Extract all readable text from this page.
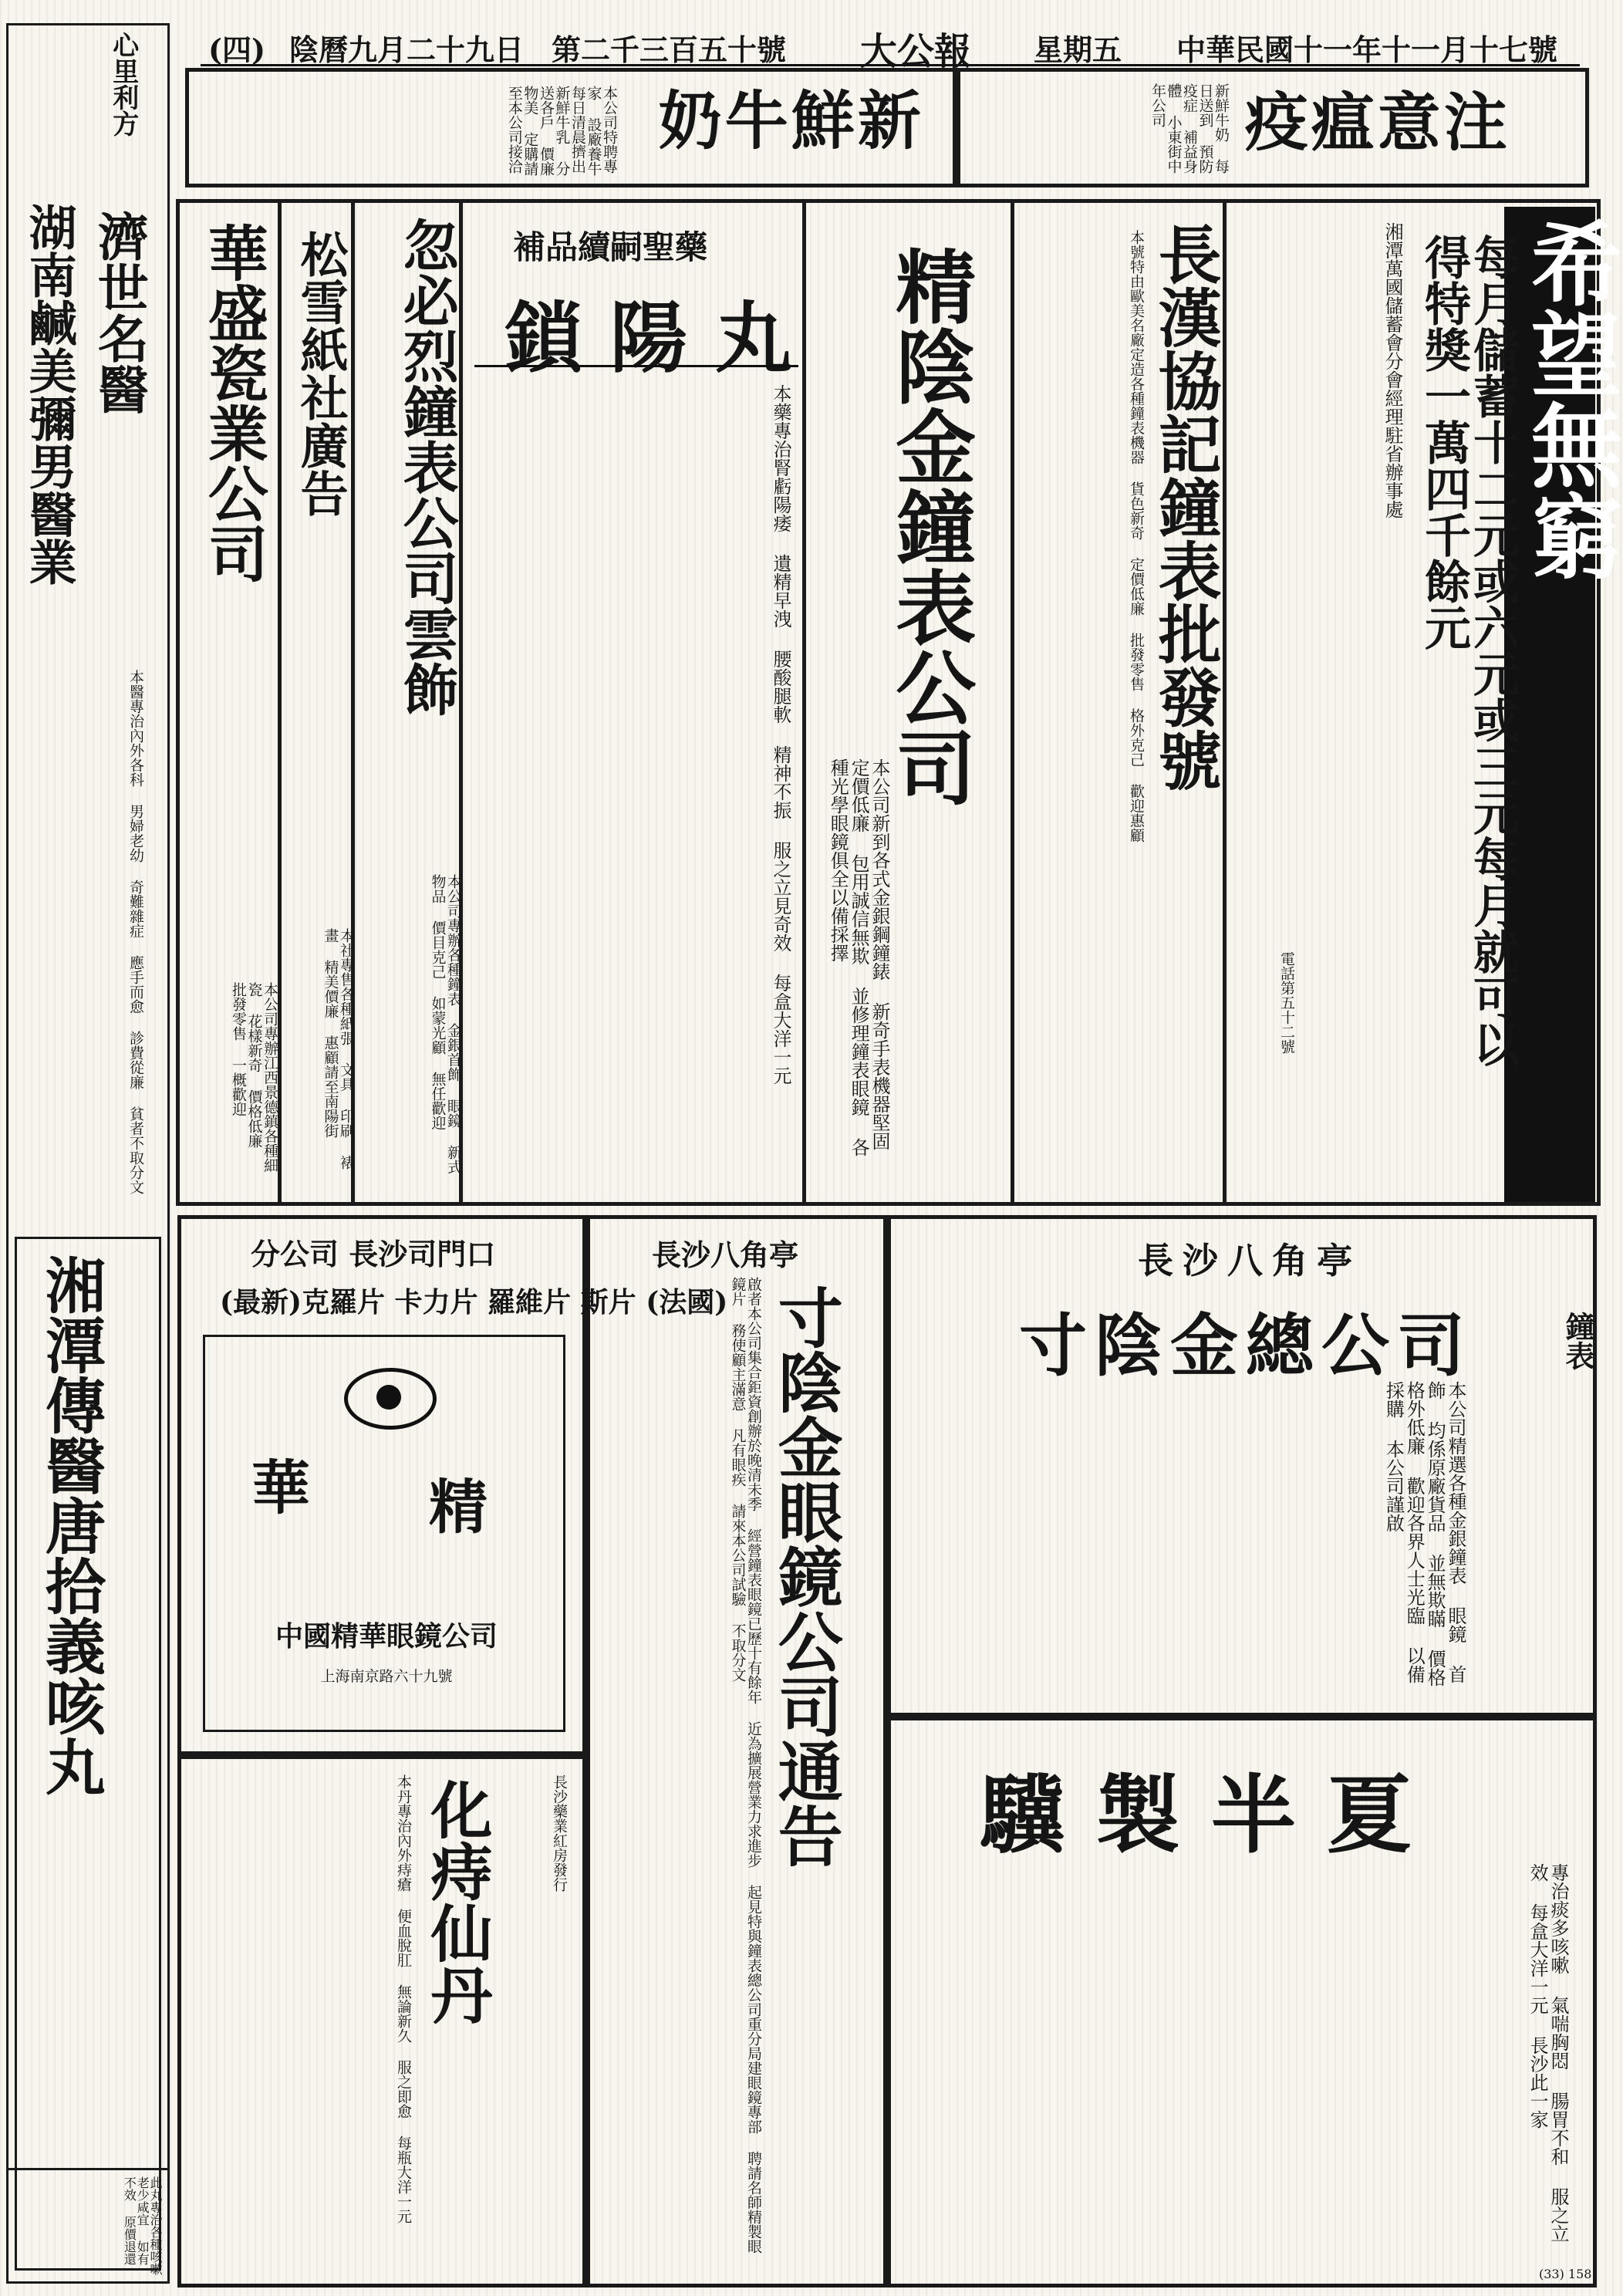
中華民國十一年十一月十七號
星期五
大公報
第二千三百五十號
陰曆九月二十九日
(四)
心里利方
濟世名醫
湖南鹹美彌男醫業
本醫專治內外各科 男婦老幼 奇難雜症 應手而愈 診費從廉 貧者不取分文
湘潭傳醫唐拾義咳丸
注意瘟疫
新鮮牛奶 每日送到 預防疫症 補益身體 小東街中年公司
新鮮牛奶
本公司特聘專家 設廠養牛 每日清晨擠出新鮮牛乳 分送各戶 價廉物美 定購請至本公司接洽
希望無窮
每月儲蓄十二元或六元或三元每月就可以得特獎一萬四千餘元
湘潭萬國儲蓄會分會經理駐省辦事處
電話第五十二號
長漢協記鐘表批發號
本號特由歐美名廠定造各種鐘表機器 貨色新奇 定價低廉 批發零售 格外克己 歡迎惠顧
精陰金鐘表公司
本公司新到各式金銀鋼鐘錶 新奇手表機器堅固 定價低廉 包用誠信無欺 並修理鐘表眼鏡 各種光學眼鏡俱全以備採擇
補品續嗣聖藥
鎖陽丸
本藥專治腎虧陽痿 遺精早洩 腰酸腿軟 精神不振 服之立見奇效 每盒大洋一元
忽必烈鐘表公司雲飾
本公司專辦各種鐘表 金銀首飾 眼鏡 新式物品 價目克己 如蒙光顧 無任歡迎
松雪紙社廣告
本社專售各種紙張 文具 印刷 裱畫 精美價廉 惠顧請至南陽街
華盛瓷業公司
本公司專辦江西景德鎮各種細瓷 花樣新奇 價格低廉 批發零售 一概歡迎
長沙八角亭
鐘表
寸陰金總公司
本公司精選各種金銀鐘表 眼鏡 首飾 均係原廠貨品 並無欺瞞 價格格外低廉 歡迎各界人士光臨 以備採購 本公司謹啟
驥製半夏
專治痰多咳嗽 氣喘胸悶 腸胃不和 服之立效 每盒大洋一元 長沙此一家
長沙八角亭
寸陰金眼鏡公司通告
啟者本公司集合鉅資創辦於晚清未季 經營鐘表眼鏡已歷十有餘年 近為擴展營業力求進步 起見特與鐘表總公司重分局建眼鏡專部 聘請名師精製眼鏡片 務使顧主滿意 凡有眼疾 請來本公司試驗 不取分文
分公司 長沙司門口
(最新)克羅片 卡力片 羅維片 斯片 (法國)
精
華
中國精華眼鏡公司
上海南京路六十九號
化痔仙丹
本丹專治內外痔瘡 便血脫肛 無論新久 服之即愈 每瓶大洋一元	長沙藥業紅房發行
此丸專治各種咳嗽 老少咸宜 如有不效 原價退還
(33) 158
